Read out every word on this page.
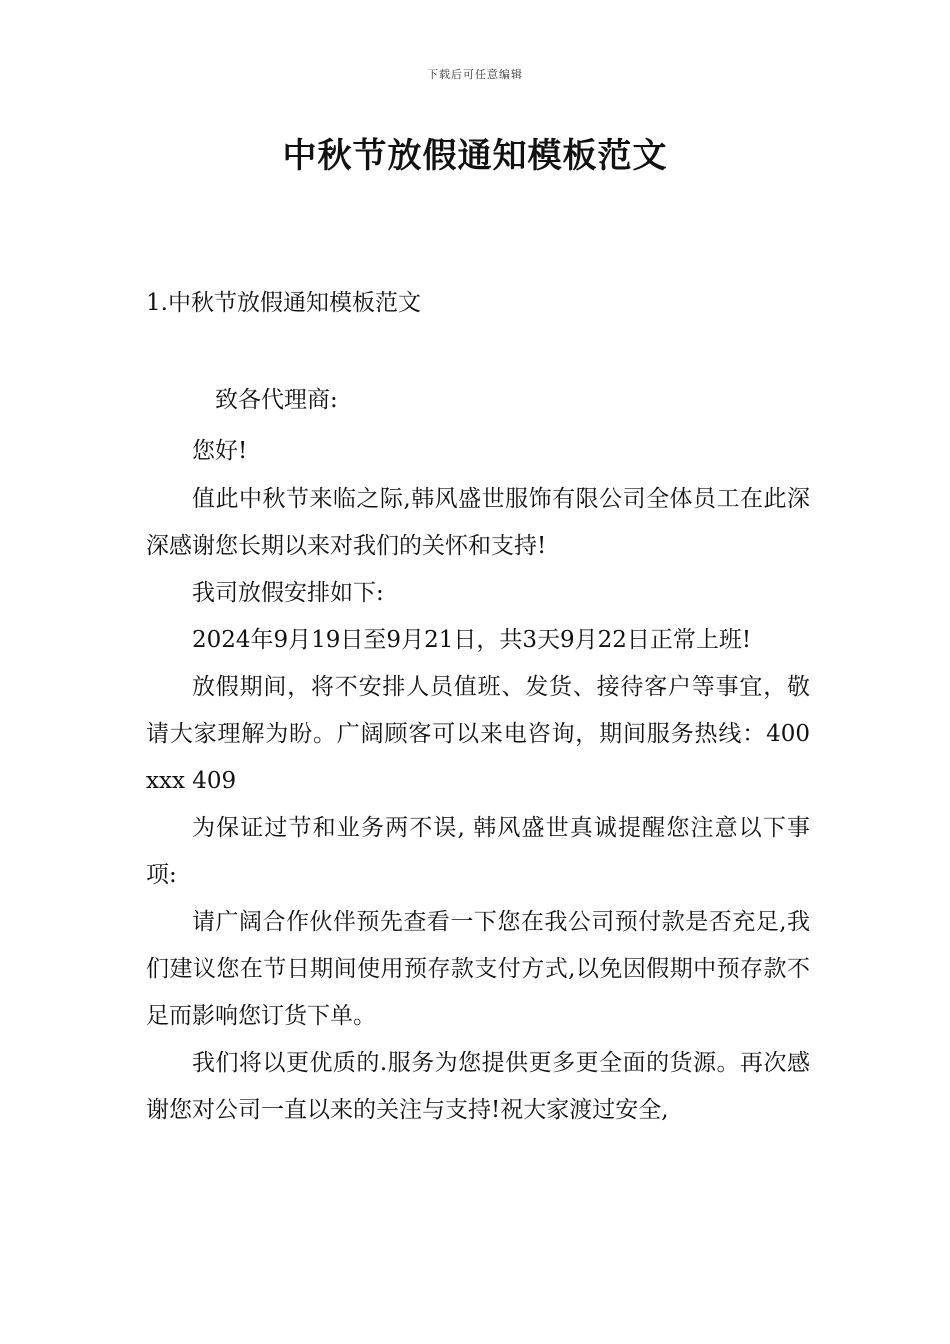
下载后可任意编辑
中秋节放假通知模板范文
1.中秋节放假通知模板范文

致各代理商:

您好!

值此中秋节来临之际,韩风盛世服饰有限公司全体员工在此深深感谢您长期以来对我们的关怀和支持!

我司放假安排如下:

2024年9月19日至9月21日，共3天9月22日正常上班!

放假期间，将不安排人员值班、发货、接待客户等事宜，敬请大家理解为盼。广阔顾客可以来电咨询，期间服务热线：400 xxx 409

为保证过节和业务两不误, 韩风盛世真诚提醒您注意以下事项:

请广阔合作伙伴预先查看一下您在我公司预付款是否充足,我们建议您在节日期间使用预存款支付方式,以免因假期中预存款不足而影响您订货下单。

我们将以更优质的.服务为您提供更多更全面的货源。再次感谢您对公司一直以来的关注与支持!祝大家渡过安全,
